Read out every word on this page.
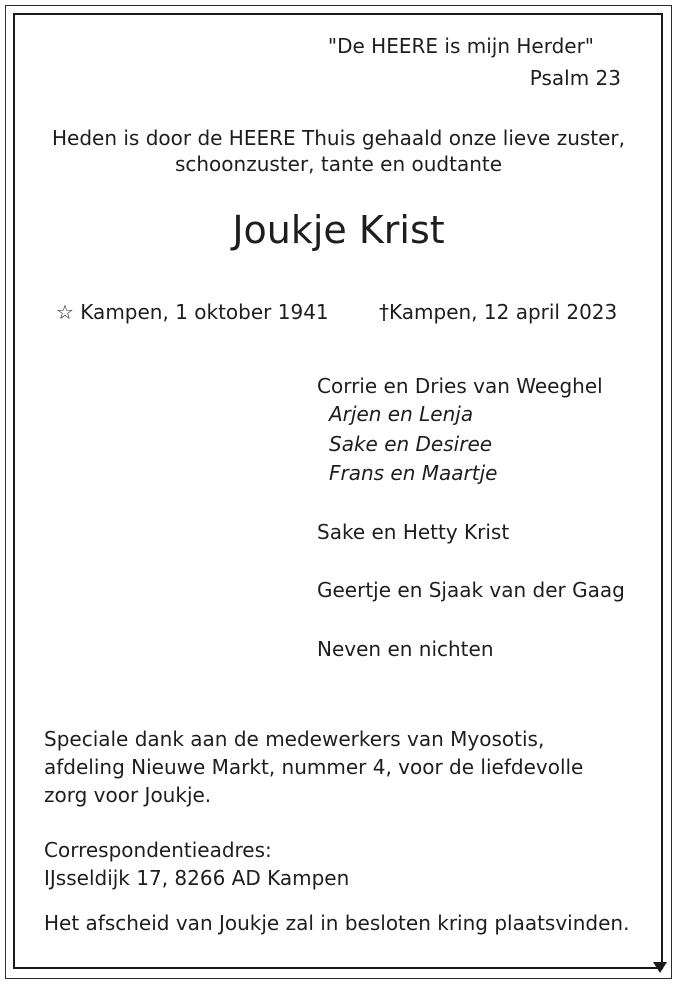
"De HEERE is mijn Herder"
Psalm 23
Heden is door de HEERE Thuis gehaald onze lieve zuster,
schoonzuster, tante en oudtante
Joukje Krist
☆ Kampen, 1 oktober 1941	†Kampen, 12 april 2023
Corrie en Dries van Weeghel
Arjen en Lenja
Sake en Desiree
Frans en Maartje
Sake en Hetty Krist
Geertje en Sjaak van der Gaag
Neven en nichten
Speciale dank aan de medewerkers van Myosotis,
afdeling Nieuwe Markt, nummer 4, voor de liefdevolle
zorg voor Joukje.
Correspondentieadres:
IJsseldijk 17, 8266 AD Kampen
Het afscheid van Joukje zal in besloten kring plaatsvinden.
